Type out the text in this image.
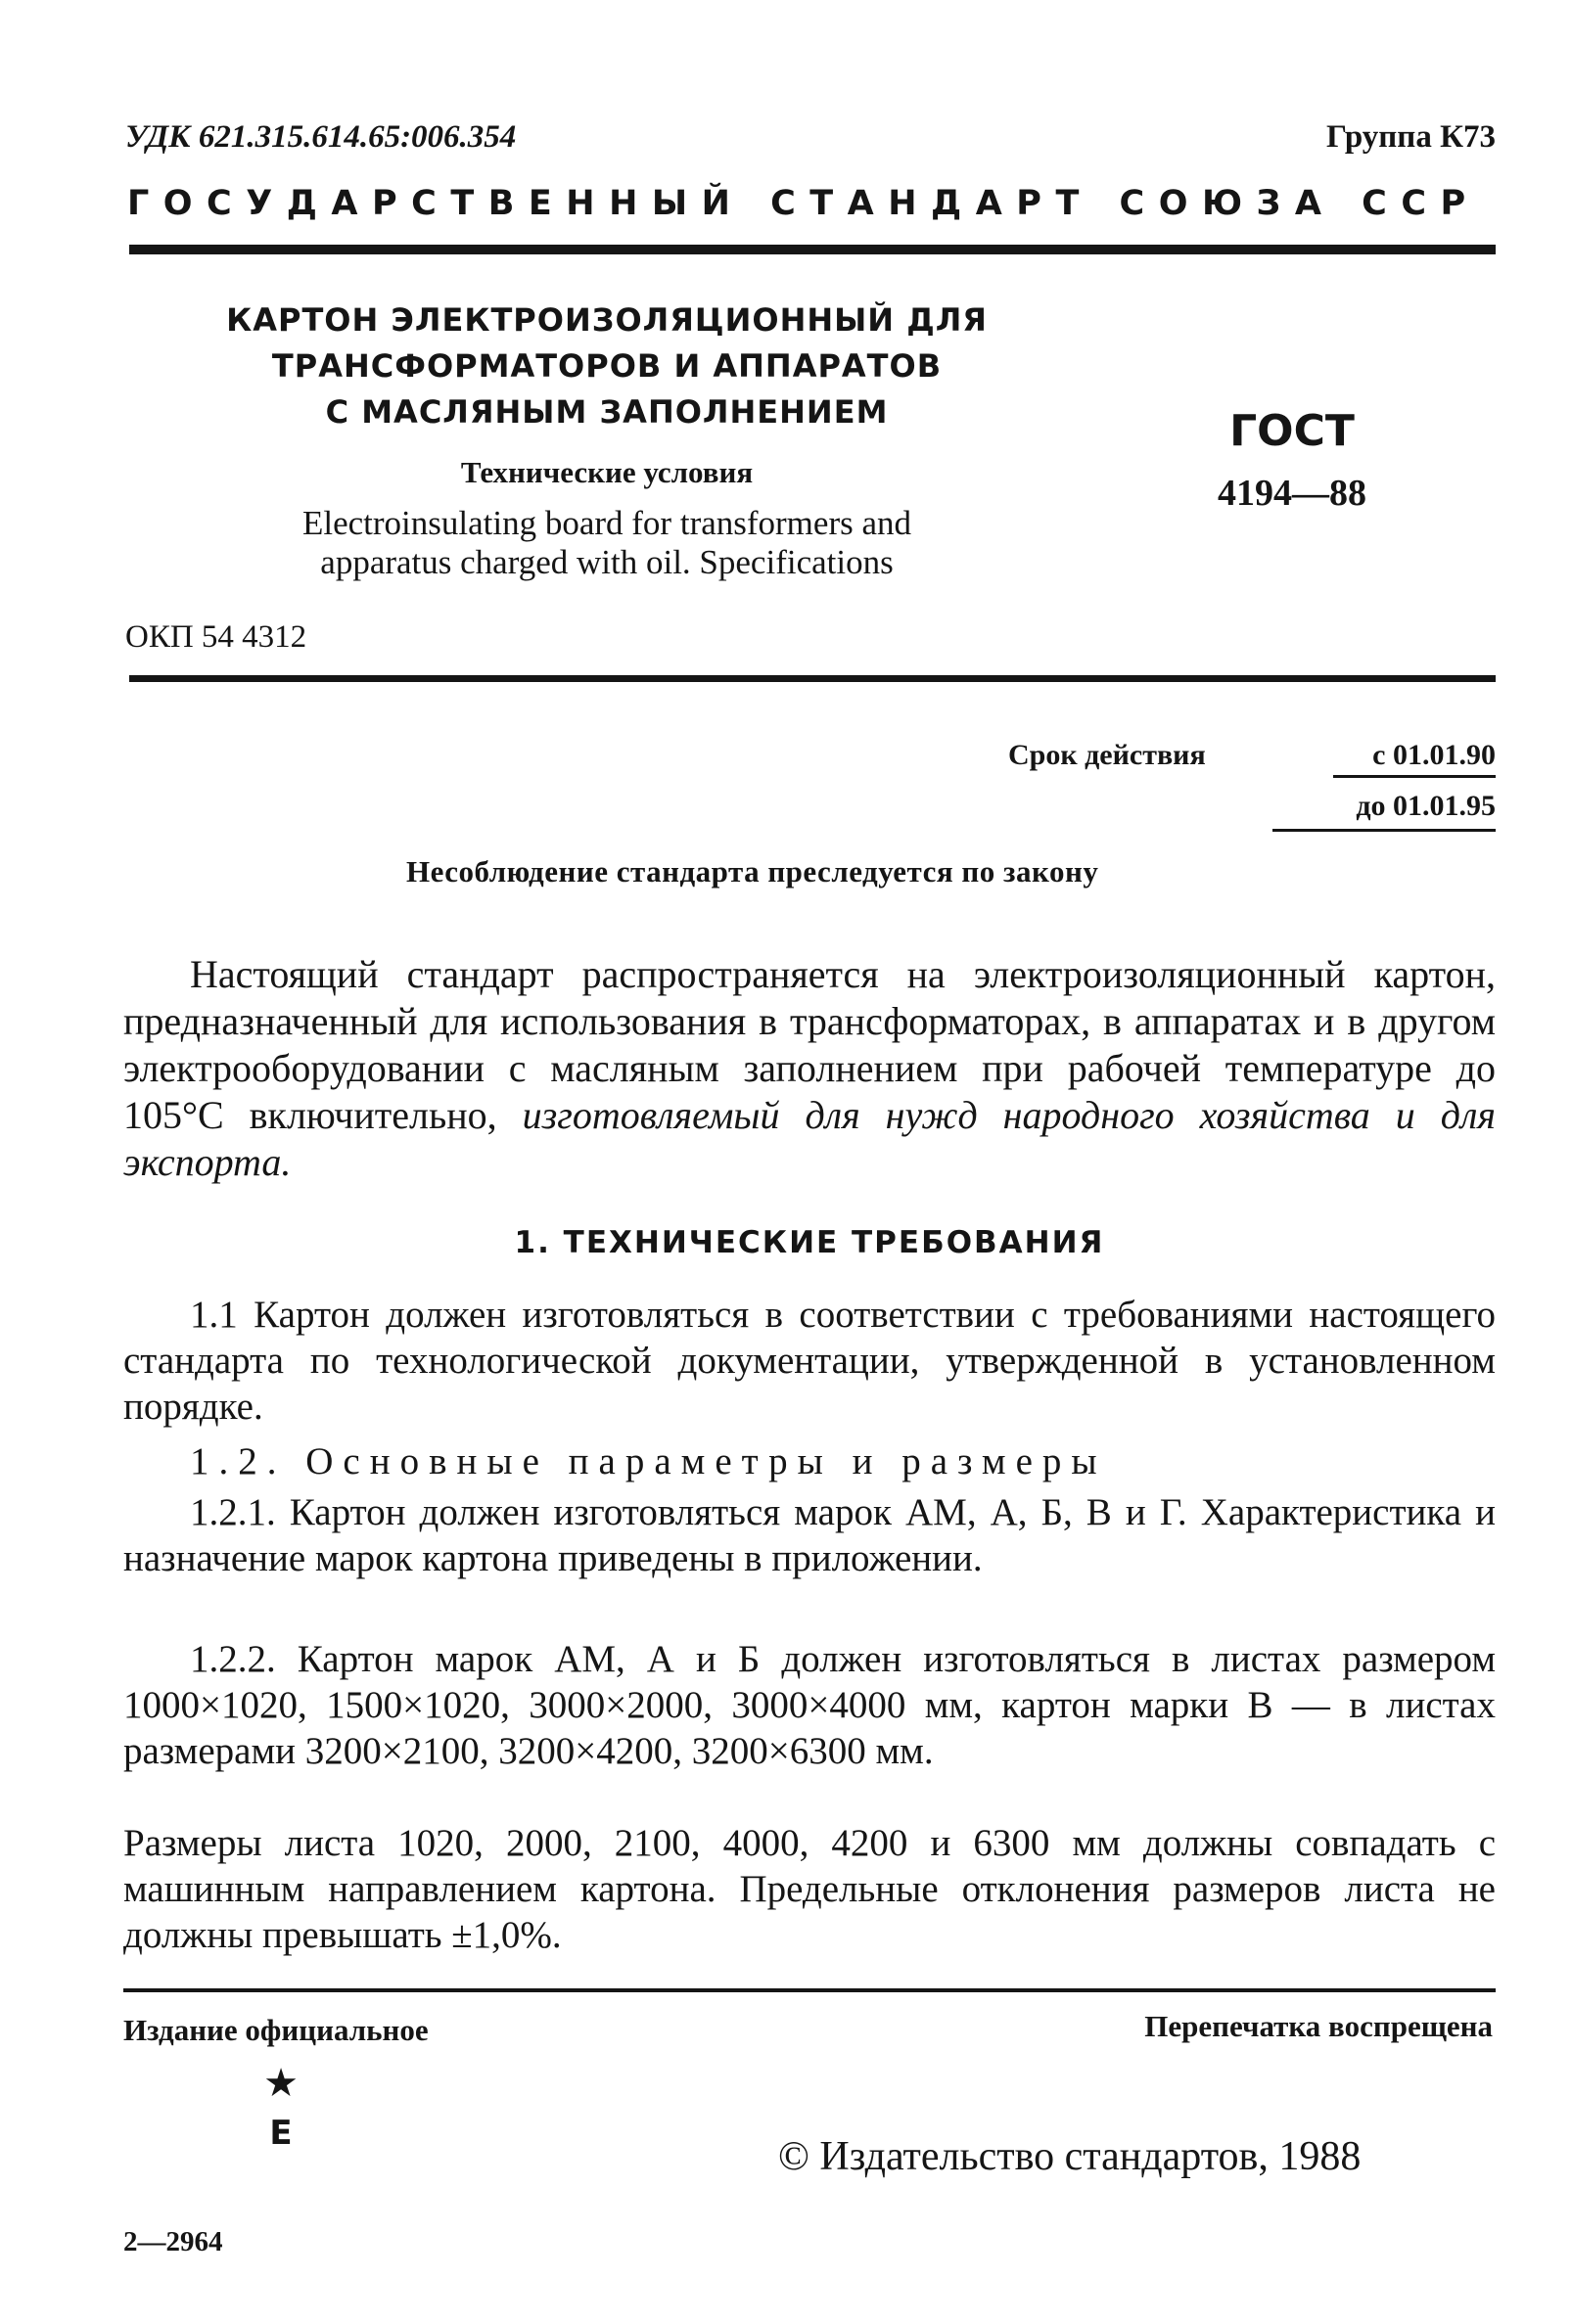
УДК 621.315.614.65:006.354	Группа К73
ГОСУДАРСТВЕННЫЙ СТАНДАРТ СОЮЗА ССР
КАРТОН ЭЛЕКТРОИЗОЛЯЦИОННЫЙ ДЛЯ
ТРАНСФОРМАТОРОВ И АППАРАТОВ
С МАСЛЯНЫМ ЗАПОЛНЕНИЕМ
Технические условия
Electroinsulating board for transformers and
apparatus charged with oil. Specifications
ГОСТ
4194—88
ОКП 54 4312
Срок действия	с 01.01.90
до 01.01.95
Несоблюдение стандарта преследуется по закону
Настоящий стандарт распространяется на электроизоляционный картон, предназначенный для использования в трансформаторах, в аппаратах и в другом электрооборудовании с масляным заполнением при рабочей температуре до 105°С включительно, изготовляемый для нужд народного хозяйства и для экспорта.
1. ТЕХНИЧЕСКИЕ ТРЕБОВАНИЯ
1.1 Картон должен изготовляться в соответствии с требованиями настоящего стандарта по технологической документации, утвержденной в установленном порядке.
1.2. Основные параметры и размеры
1.2.1. Картон должен изготовляться марок АМ, А, Б, В и Г. Характеристика и назначение марок картона приведены в приложении.
1.2.2. Картон марок АМ, А и Б должен изготовляться в листах размером 1000×1020, 1500×1020, 3000×2000, 3000×4000 мм, картон марки В — в листах размерами 3200×2100, 3200×4200, 3200×6300 мм.
Размеры листа 1020, 2000, 2100, 4000, 4200 и 6300 мм должны совпадать с машинным направлением картона. Предельные отклонения размеров листа не должны превышать ±1,0%.
Издание официальное	Перепечатка воспрещена
★
Е
© Издательство стандартов, 1988
2—2964
